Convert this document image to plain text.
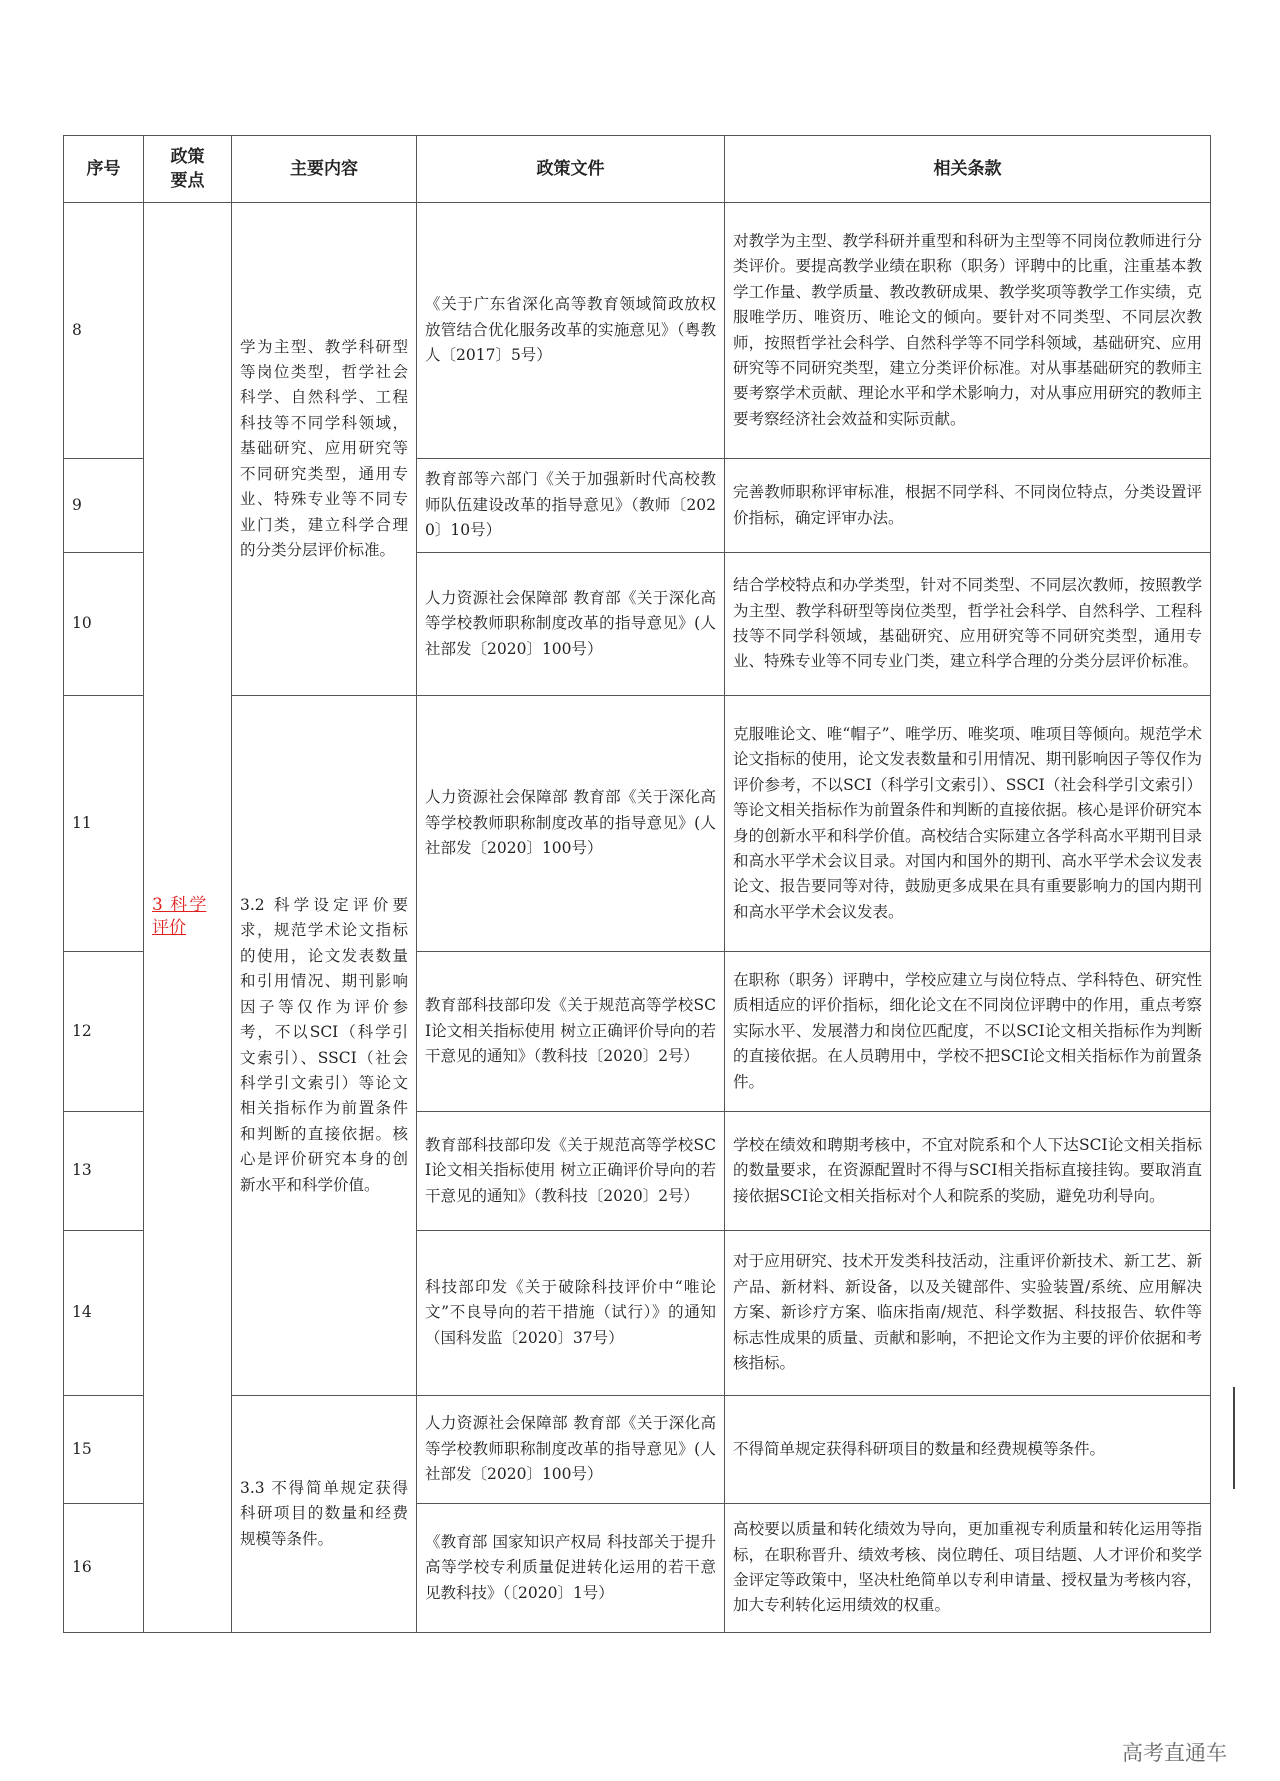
序号	政策要点	主要内容	政策文件	相关条款
8	3 科学评价	学为主型、教学科研型等岗位类型，哲学社会科学、自然科学、工程科技等不同学科领域，基础研究、应用研究等不同研究类型，通用专业、特殊专业等不同专业门类，建立科学合理的分类分层评价标准。	《关于广东省深化高等教育领域简政放权放管结合优化服务改革的实施意见》（粤教人〔2017〕5号）	对教学为主型、教学科研并重型和科研为主型等不同岗位教师进行分类评价。要提高教学业绩在职称（职务）评聘中的比重，注重基本教学工作量、教学质量、教改教研成果、教学奖项等教学工作实绩，克服唯学历、唯资历、唯论文的倾向。要针对不同类型、不同层次教师，按照哲学社会科学、自然科学等不同学科领域，基础研究、应用研究等不同研究类型，建立分类评价标准。对从事基础研究的教师主要考察学术贡献、理论水平和学术影响力，对从事应用研究的教师主要考察经济社会效益和实际贡献。
9			教育部等六部门《关于加强新时代高校教师队伍建设改革的指导意见》（教师〔2020〕10号）	完善教师职称评审标准，根据不同学科、不同岗位特点，分类设置评价指标，确定评审办法。
10			人力资源社会保障部 教育部《关于深化高等学校教师职称制度改革的指导意见》(人社部发〔2020〕100号）	结合学校特点和办学类型，针对不同类型、不同层次教师，按照教学为主型、教学科研型等岗位类型，哲学社会科学、自然科学、工程科技等不同学科领域，基础研究、应用研究等不同研究类型，通用专业、特殊专业等不同专业门类，建立科学合理的分类分层评价标准。
11		3.2 科学设定评价要求，规范学术论文指标的使用，论文发表数量和引用情况、期刊影响因子等仅作为评价参考，不以SCI（科学引文索引）、SSCI（社会科学引文索引）等论文相关指标作为前置条件和判断的直接依据。核心是评价研究本身的创新水平和科学价值。	人力资源社会保障部 教育部《关于深化高等学校教师职称制度改革的指导意见》(人社部发〔2020〕100号）	克服唯论文、唯“帽子”、唯学历、唯奖项、唯项目等倾向。规范学术论文指标的使用，论文发表数量和引用情况、期刊影响因子等仅作为评价参考，不以SCI（科学引文索引）、SSCI（社会科学引文索引）等论文相关指标作为前置条件和判断的直接依据。核心是评价研究本身的创新水平和科学价值。高校结合实际建立各学科高水平期刊目录和高水平学术会议目录。对国内和国外的期刊、高水平学术会议发表论文、报告要同等对待，鼓励更多成果在具有重要影响力的国内期刊和高水平学术会议发表。
12			教育部科技部印发《关于规范高等学校SCI论文相关指标使用 树立正确评价导向的若干意见的通知》（教科技〔2020〕2号）	在职称（职务）评聘中，学校应建立与岗位特点、学科特色、研究性质相适应的评价指标，细化论文在不同岗位评聘中的作用，重点考察实际水平、发展潜力和岗位匹配度，不以SCI论文相关指标作为判断的直接依据。在人员聘用中，学校不把SCI论文相关指标作为前置条件。
13			教育部科技部印发《关于规范高等学校SCI论文相关指标使用 树立正确评价导向的若干意见的通知》（教科技〔2020〕2号）	学校在绩效和聘期考核中，不宜对院系和个人下达SCI论文相关指标的数量要求，在资源配置时不得与SCI相关指标直接挂钩。要取消直接依据SCI论文相关指标对个人和院系的奖励，避免功利导向。
14			科技部印发《关于破除科技评价中“唯论文”不良导向的若干措施（试行）》的通知（国科发监〔2020〕37号）	对于应用研究、技术开发类科技活动，注重评价新技术、新工艺、新产品、新材料、新设备，以及关键部件、实验装置/系统、应用解决方案、新诊疗方案、临床指南/规范、科学数据、科技报告、软件等标志性成果的质量、贡献和影响，不把论文作为主要的评价依据和考核指标。
15		3.3 不得简单规定获得科研项目的数量和经费规模等条件。	人力资源社会保障部 教育部《关于深化高等学校教师职称制度改革的指导意见》(人社部发〔2020〕100号）	不得简单规定获得科研项目的数量和经费规模等条件。
16			《教育部 国家知识产权局 科技部关于提升高等学校专利质量促进转化运用的若干意见教科技》（〔2020〕1号）	高校要以质量和转化绩效为导向，更加重视专利质量和转化运用等指标，在职称晋升、绩效考核、岗位聘任、项目结题、人才评价和奖学金评定等政策中，坚决杜绝简单以专利申请量、授权量为考核内容，加大专利转化运用绩效的权重。
高考直通车
